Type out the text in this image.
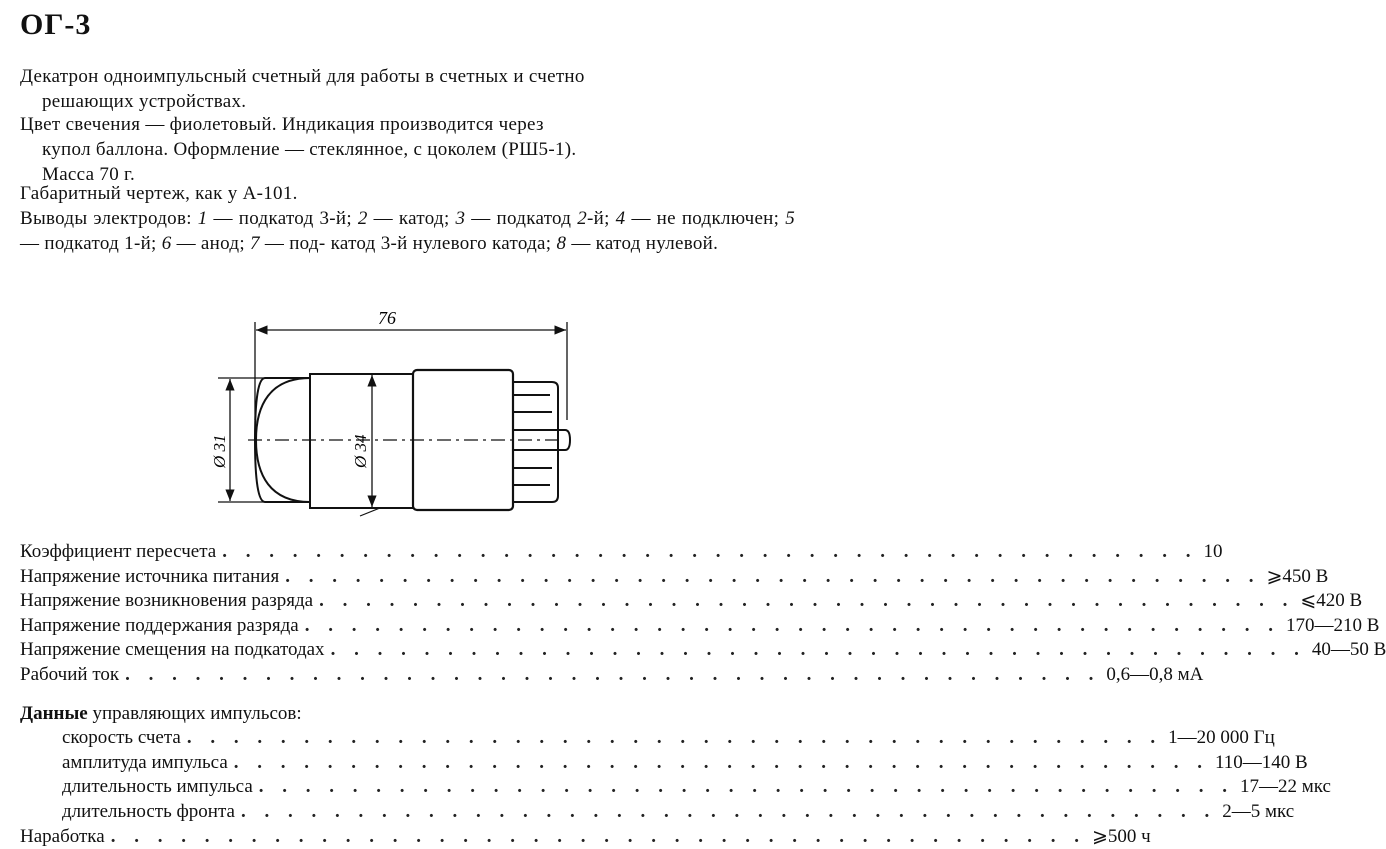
ОГ-3
Декатрон одноимпульсный счетный для работы в счетных и счетно
решающих устройствах.
Цвет свечения — фиолетовый. Индикация производится через
купол баллона. Оформление — стеклянное, с цоколем (РШ5-1).
Масса 70 г.
Габаритный чертеж, как у А-101.
Выводы электродов: 1 — подкатод 3-й; 2 — катод; 3 — подкатод 2-й; 4 — не подключен; 5 — подкатод 1-й; 6 — анод; 7 — под- катод 3-й нулевого катода; 8 — катод нулевой.
76
Ø 31	Ø 34
Коэффициент пересчета . . . . . . . . . . . . . . . . . . . . . . . . . . . . . . . . . . . . . . . . . . 10
Напряжение источника питания . . . . . . . . . . . . . . . . . . . . . . . . . . . . . . . . . . . . . . . . . . ⩾450 В
Напряжение возникновения разряда . . . . . . . . . . . . . . . . . . . . . . . . . . . . . . . . . . . . . . . . . . ⩽420 В
Напряжение поддержания разряда . . . . . . . . . . . . . . . . . . . . . . . . . . . . . . . . . . . . . . . . . . 170—210 В
Напряжение смещения на подкатодах . . . . . . . . . . . . . . . . . . . . . . . . . . . . . . . . . . . . . . . . . . 40—50 В
Рабочий ток . . . . . . . . . . . . . . . . . . . . . . . . . . . . . . . . . . . . . . . . . . 0,6—0,8 мА
Данные управляющих импульсов:
скорость счета . . . . . . . . . . . . . . . . . . . . . . . . . . . . . . . . . . . . . . . . . . 1—20 000 Гц
амплитуда импульса . . . . . . . . . . . . . . . . . . . . . . . . . . . . . . . . . . . . . . . . . . 110—140 В
длительность импульса . . . . . . . . . . . . . . . . . . . . . . . . . . . . . . . . . . . . . . . . . . 17—22 мкс
длительность фронта . . . . . . . . . . . . . . . . . . . . . . . . . . . . . . . . . . . . . . . . . . 2—5 мкс
Наработка . . . . . . . . . . . . . . . . . . . . . . . . . . . . . . . . . . . . . . . . . . ⩾500 ч
